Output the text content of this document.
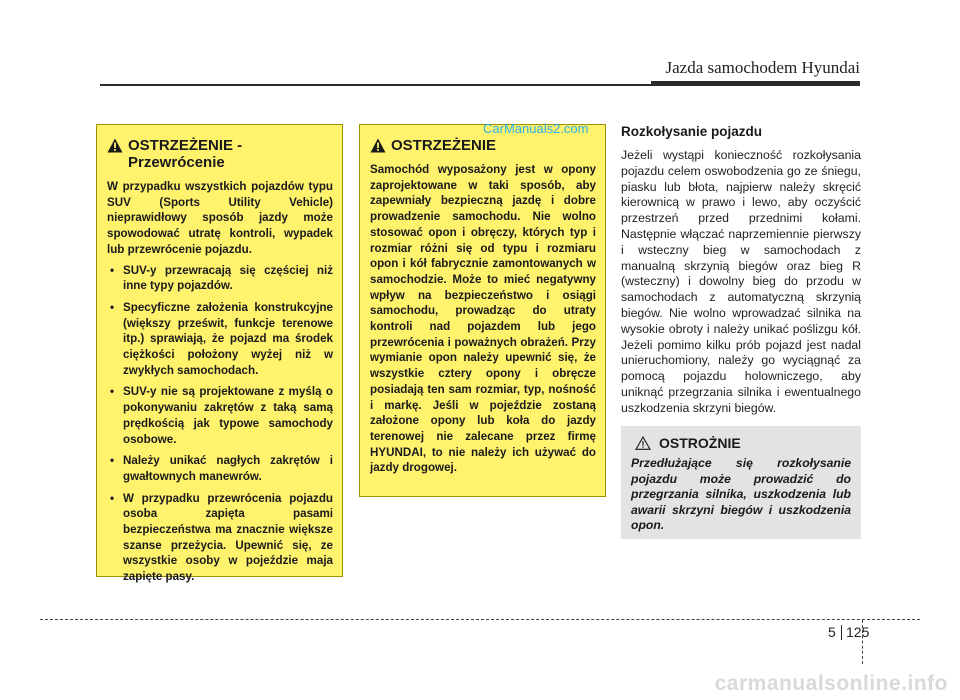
Jazda samochodem Hyundai
OSTRZEŻENIE -
Przewrócenie

W przypadku wszystkich pojazdów typu SUV (Sports Utility Vehicle) nieprawidłowy sposób jazdy może spowodować utratę kontroli, wypadek lub przewrócenie pojazdu.

• SUV-y przewracają się częściej niż inne typy pojazdów.
• Specyficzne założenia konstrukcyjne (większy prześwit, funkcje terenowe itp.) sprawiają, że pojazd ma środek ciężkości położony wyżej niż w zwykłych samochodach.
• SUV-y nie są projektowane z myślą o pokonywaniu zakrętów z taką samą prędkością jak typowe samochody osobowe.
• Należy unikać nagłych zakrętów i gwałtownych manewrów.
• W przypadku przewrócenia pojazdu osoba zapięta pasami bezpieczeństwa ma znacznie większe szanse przeżycia. Upewnić się, ze wszystkie osoby w pojeździe maja zapięte pasy.
OSTRZEŻENIE

Samochód wyposażony jest w opony zaprojektowane w taki sposób, aby zapewniały bezpieczną jazdę i dobre prowadzenie samochodu. Nie wolno stosować opon i obręczy, których typ i rozmiar różni się od typu i rozmiaru opon i kół fabrycznie zamontowanych w samochodzie. Może to mieć negatywny wpływ na bezpieczeństwo i osiągi samochodu, prowadząc do utraty kontroli nad pojazdem lub jego przewrócenia i poważnych obrażeń. Przy wymianie opon należy upewnić się, że wszystkie cztery opony i obręcze posiadają ten sam rozmiar, typ, nośność i markę. Jeśli w pojeździe zostaną założone opony lub koła do jazdy terenowej nie zalecane przez firmę HYUNDAI, to nie należy ich używać do jazdy drogowej.

CarManuals2.com Rozkołysanie pojazdu

Jeżeli wystąpi konieczność rozkołysania pojazdu celem oswobodzenia go ze śniegu, piasku lub błota, najpierw należy skręcić kierownicą w prawo i lewo, aby oczyścić przestrzeń przed przednimi kołami. Następnie włączać naprzemiennie pierwszy i wsteczny bieg w samochodach z manualną skrzynią biegów oraz bieg R (wsteczny) i dowolny bieg do przodu w samochodach z automatyczną skrzynią biegów. Nie wolno wprowadzać silnika na wysokie obroty i należy unikać poślizgu kół. Jeżeli pomimo kilku prób pojazd jest nadal unieruchomiony, należy go wyciągnąć za pomocą pojazdu holowniczego, aby uniknąć przegrzania silnika i ewentualnego uszkodzenia skrzyni biegów.

OSTROŻNIE

Przedłużające się rozkołysanie pojazdu może prowadzić do przegrzania silnika, uszkodzenia lub awarii skrzyni biegów i uszkodzenia opon.

5 125
carmanualsonline.info
